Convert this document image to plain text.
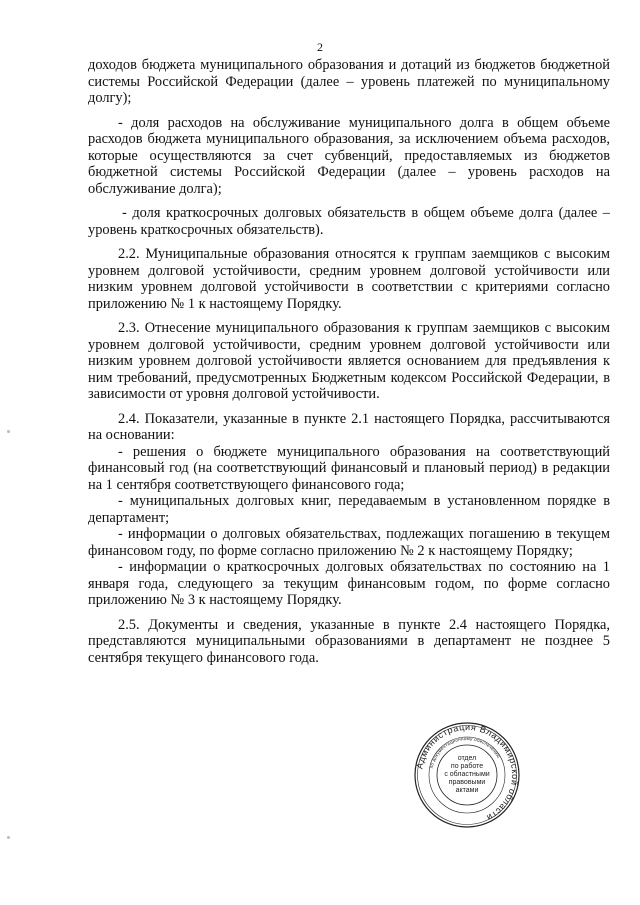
2

доходов бюджета муниципального образования и дотаций из бюджетов бюджетной системы Российской Федерации (далее – уровень платежей по муниципальному долгу);

- доля расходов на обслуживание муниципального долга в общем объеме расходов бюджета муниципального образования, за исключением объема расходов, которые осуществляются за счет субвенций, предоставляемых из бюджетов бюджетной системы Российской Федерации (далее – уровень расходов на обслуживание долга);

- доля краткосрочных долговых обязательств в общем объеме долга (далее – уровень краткосрочных обязательств).

2.2. Муниципальные образования относятся к группам заемщиков с высоким уровнем долговой устойчивости, средним уровнем долговой устойчивости или низким уровнем долговой устойчивости в соответствии с критериями согласно приложению № 1 к настоящему Порядку.

2.3. Отнесение муниципального образования к группам заемщиков с высоким уровнем долговой устойчивости, средним уровнем долговой устойчивости или низким уровнем долговой устойчивости является основанием для предъявления к ним требований, предусмотренных Бюджетным кодексом Российской Федерации, в зависимости от уровня долговой устойчивости.

2.4. Показатели, указанные в пункте 2.1 настоящего Порядка, рассчитываются на основании:

- решения о бюджете муниципального образования на соответствующий финансовый год (на соответствующий финансовый и плановый период) в редакции на 1 сентября соответствующего финансового года;

- муниципальных долговых книг, передаваемым в установленном порядке в департамент;

- информации о долговых обязательствах, подлежащих погашению в текущем финансовом году, по форме согласно приложению № 2 к настоящему Порядку;

- информации о краткосрочных долговых обязательствах по состоянию на 1 января года, следующего за текущим финансовым годом, по форме согласно приложению № 3 к настоящему Порядку.

2.5. Документы и сведения, указанные в пункте 2.4 настоящего Порядка, представляются муниципальными образованиями в департамент не позднее 5 сентября текущего финансового года.

Администрация Владимирской области
по документационному обеспечению
отдел
по работе
с областными
правовыми
актами
